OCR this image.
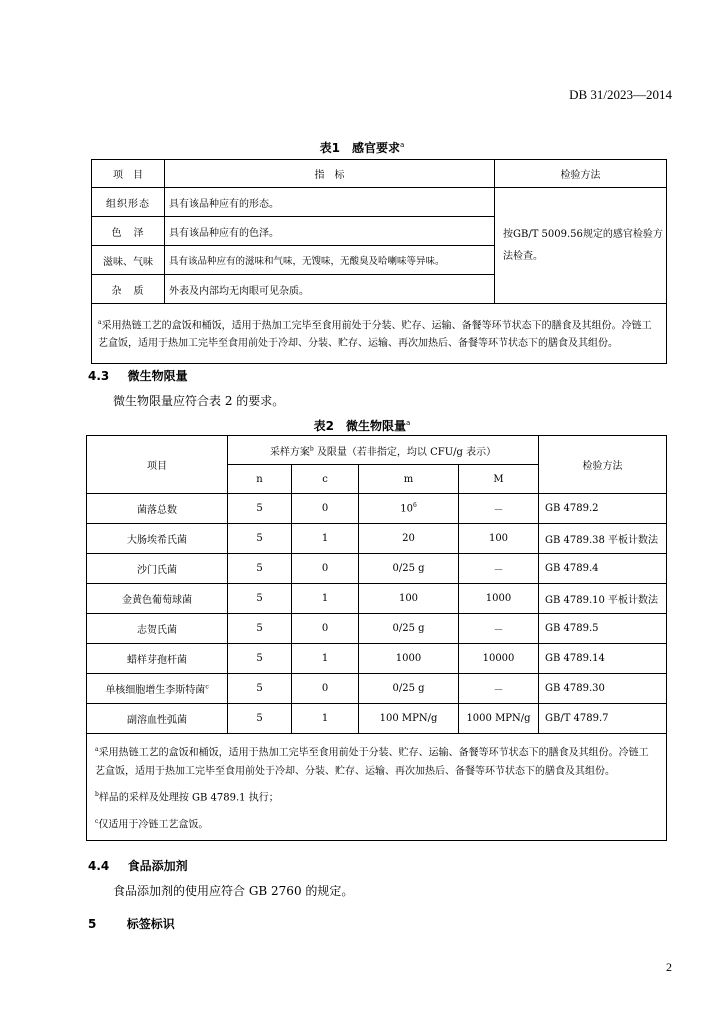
DB 31/2023—2014
表1　感官要求$^a$
项　目	指　标	检验方法
组织形态	具有该品种应有的形态。	按GB/T 5009.56规定的感官检验方法检查。
色　泽	具有该品种应有的色泽。	
滋味、气味	具有该品种应有的滋味和气味，无馊味，无酸臭及哈喇味等异味。	
杂　质	外表及内部均无肉眼可见杂质。	
$^a$采用热链工艺的盒饭和桶饭，适用于热加工完毕至食用前处于分装、贮存、运输、备餐等环节状态下的膳食及其组份。冷链工艺盒饭，适用于热加工完毕至食用前处于冷却、分装、贮存、运输、再次加热后、备餐等环节状态下的膳食及其组份。		
4.3 微生物限量
微生物限量应符合表 2 的要求。
表2　微生物限量$^a$
项目	采样方案$^b$ 及限量（若非指定，均以 CFU/g 表示）				检验方法
	n	c	m	M	
菌落总数	5	0	$10^6$	－	GB 4789.2
大肠埃希氏菌	5	1	20	100	GB 4789.38 平板计数法
沙门氏菌	5	0	0/25 g	－	GB 4789.4
金黄色葡萄球菌	5	1	100	1000	GB 4789.10 平板计数法
志贺氏菌	5	0	0/25 g	－	GB 4789.5
蜡样芽孢杆菌	5	1	1000	10000	GB 4789.14
单核细胞增生李斯特菌$^c$	5	0	0/25 g	－	GB 4789.30
副溶血性弧菌	5	1	100 MPN/g	1000 MPN/g	GB/T 4789.7

$^a$采用热链工艺的盒饭和桶饭，适用于热加工完毕至食用前处于分装、贮存、运输、备餐等环节状态下的膳食及其组份。冷链工艺盒饭，适用于热加工完毕至食用前处于冷却、分装、贮存、运输、再次加热后、备餐等环节状态下的膳食及其组份。
$^b$样品的采样及处理按 GB 4789.1 执行；
$^c$仅适用于冷链工艺盒饭。					
4.4 食品添加剂
食品添加剂的使用应符合 GB 2760 的规定。
5	标签标识
2
